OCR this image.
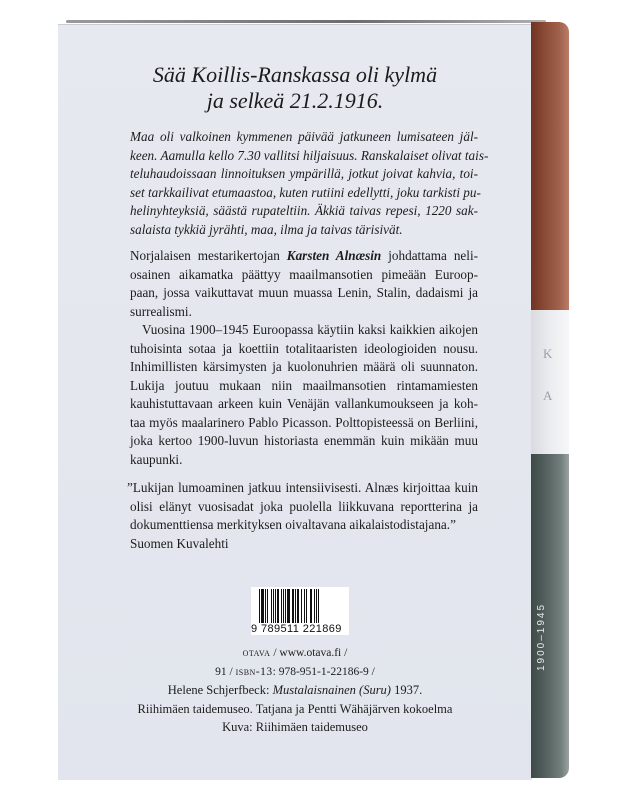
K
A
1900–1945
Sää Koillis-Ranskassa oli kylmä
ja selkeä 21.2.1916.
Maa oli valkoinen kymmenen päivää jatkuneen lumisateen jäl-
keen. Aamulla kello 7.30 vallitsi hiljaisuus. Ranskalaiset olivat tais-
teluhaudoissaan linnoituksen ympärillä, jotkut joivat kahvia, toi-
set tarkkailivat etumaastoa, kuten rutiini edellytti, joku tarkisti pu-
helinyhteyksiä, säästä rupateltiin. Äkkiä taivas repesi, 1220 sak-
salaista tykkiä jyrähti, maa, ilma ja taivas tärisivät.
Norjalaisen mestarikertojan Karsten Alnæsin johdattama neli-
osainen aikamatka päättyy maailmansotien pimeään Euroop-
paan, jossa vaikuttavat muun muassa Lenin, Stalin, dadaismi ja
surrealismi.
Vuosina 1900–1945 Euroopassa käytiin kaksi kaikkien aikojen
tuhoisinta sotaa ja koettiin totalitaaristen ideologioiden nousu.
Inhimillisten kärsimysten ja kuolonuhrien määrä oli suunnaton.
Lukija joutuu mukaan niin maailmansotien rintamamiesten
kauhistuttavaan arkeen kuin Venäjän vallankumoukseen ja koh-
taa myös maalarinero Pablo Picasson. Polttopisteessä on Berliini,
joka kertoo 1900-luvun historiasta enemmän kuin mikään muu
kaupunki.
”Lukijan lumoaminen jatkuu intensiivisesti. Alnæs kirjoittaa kuin
olisi elänyt vuosisadat joka puolella liikkuvana reportterina ja
dokumenttiensa merkityksen oivaltavana aikalaistodistajana.”
Suomen Kuvalehti
9 789511 221869
otava / www.otava.fi /
91 / isbn-13: 978-951-1-22186-9 /
Helene Schjerfbeck: Mustalaisnainen (Suru) 1937.
Riihimäen taidemuseo. Tatjana ja Pentti Wähäjärven kokoelma
Kuva: Riihimäen taidemuseo
